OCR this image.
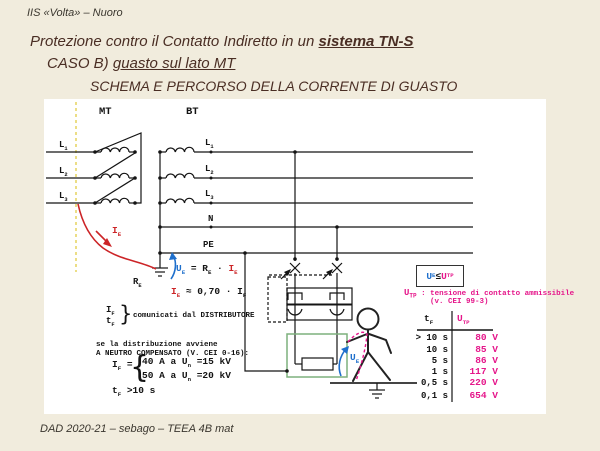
IIS «Volta» – Nuoro
Protezione contro il Contatto Indiretto in un sistema TN-S
CASO B) guasto sul lato MT
SCHEMA E PERCORSO DELLA CORRENTE DI GUASTO
MT	BT
$L_1$
$L_2$
$L_3$
$L_1$
$L_2$
$L_3$
N
PE
$R_E$
$I_E$
$U_E = R_E \cdot I_E$
$I_E \approx 0,70 \cdot I_F$
$I_F$
$t_F$ } comunicati dal DISTRIBUTORE
se la distribuzione avviene
A NEUTRO COMPENSATO (V. CEI 0-16):
$I_F$ =
{
40 A a $U_n =15$ kV
50 A a $U_n =20$ kV
$t_F >10$ s
$U_E$
U E ≤ U TP
$U_{TP}$ : tensione di contatto ammissibile
(v. CEI 99-3)
$t_F$	$U_{TP}$
> 10 s	80 V
10 s	85 V
5 s	86 V
1 s	117 V
0,5 s	220 V
0,1 s	654 V
DAD 2020-21 – sebago – TEEA 4B mat
